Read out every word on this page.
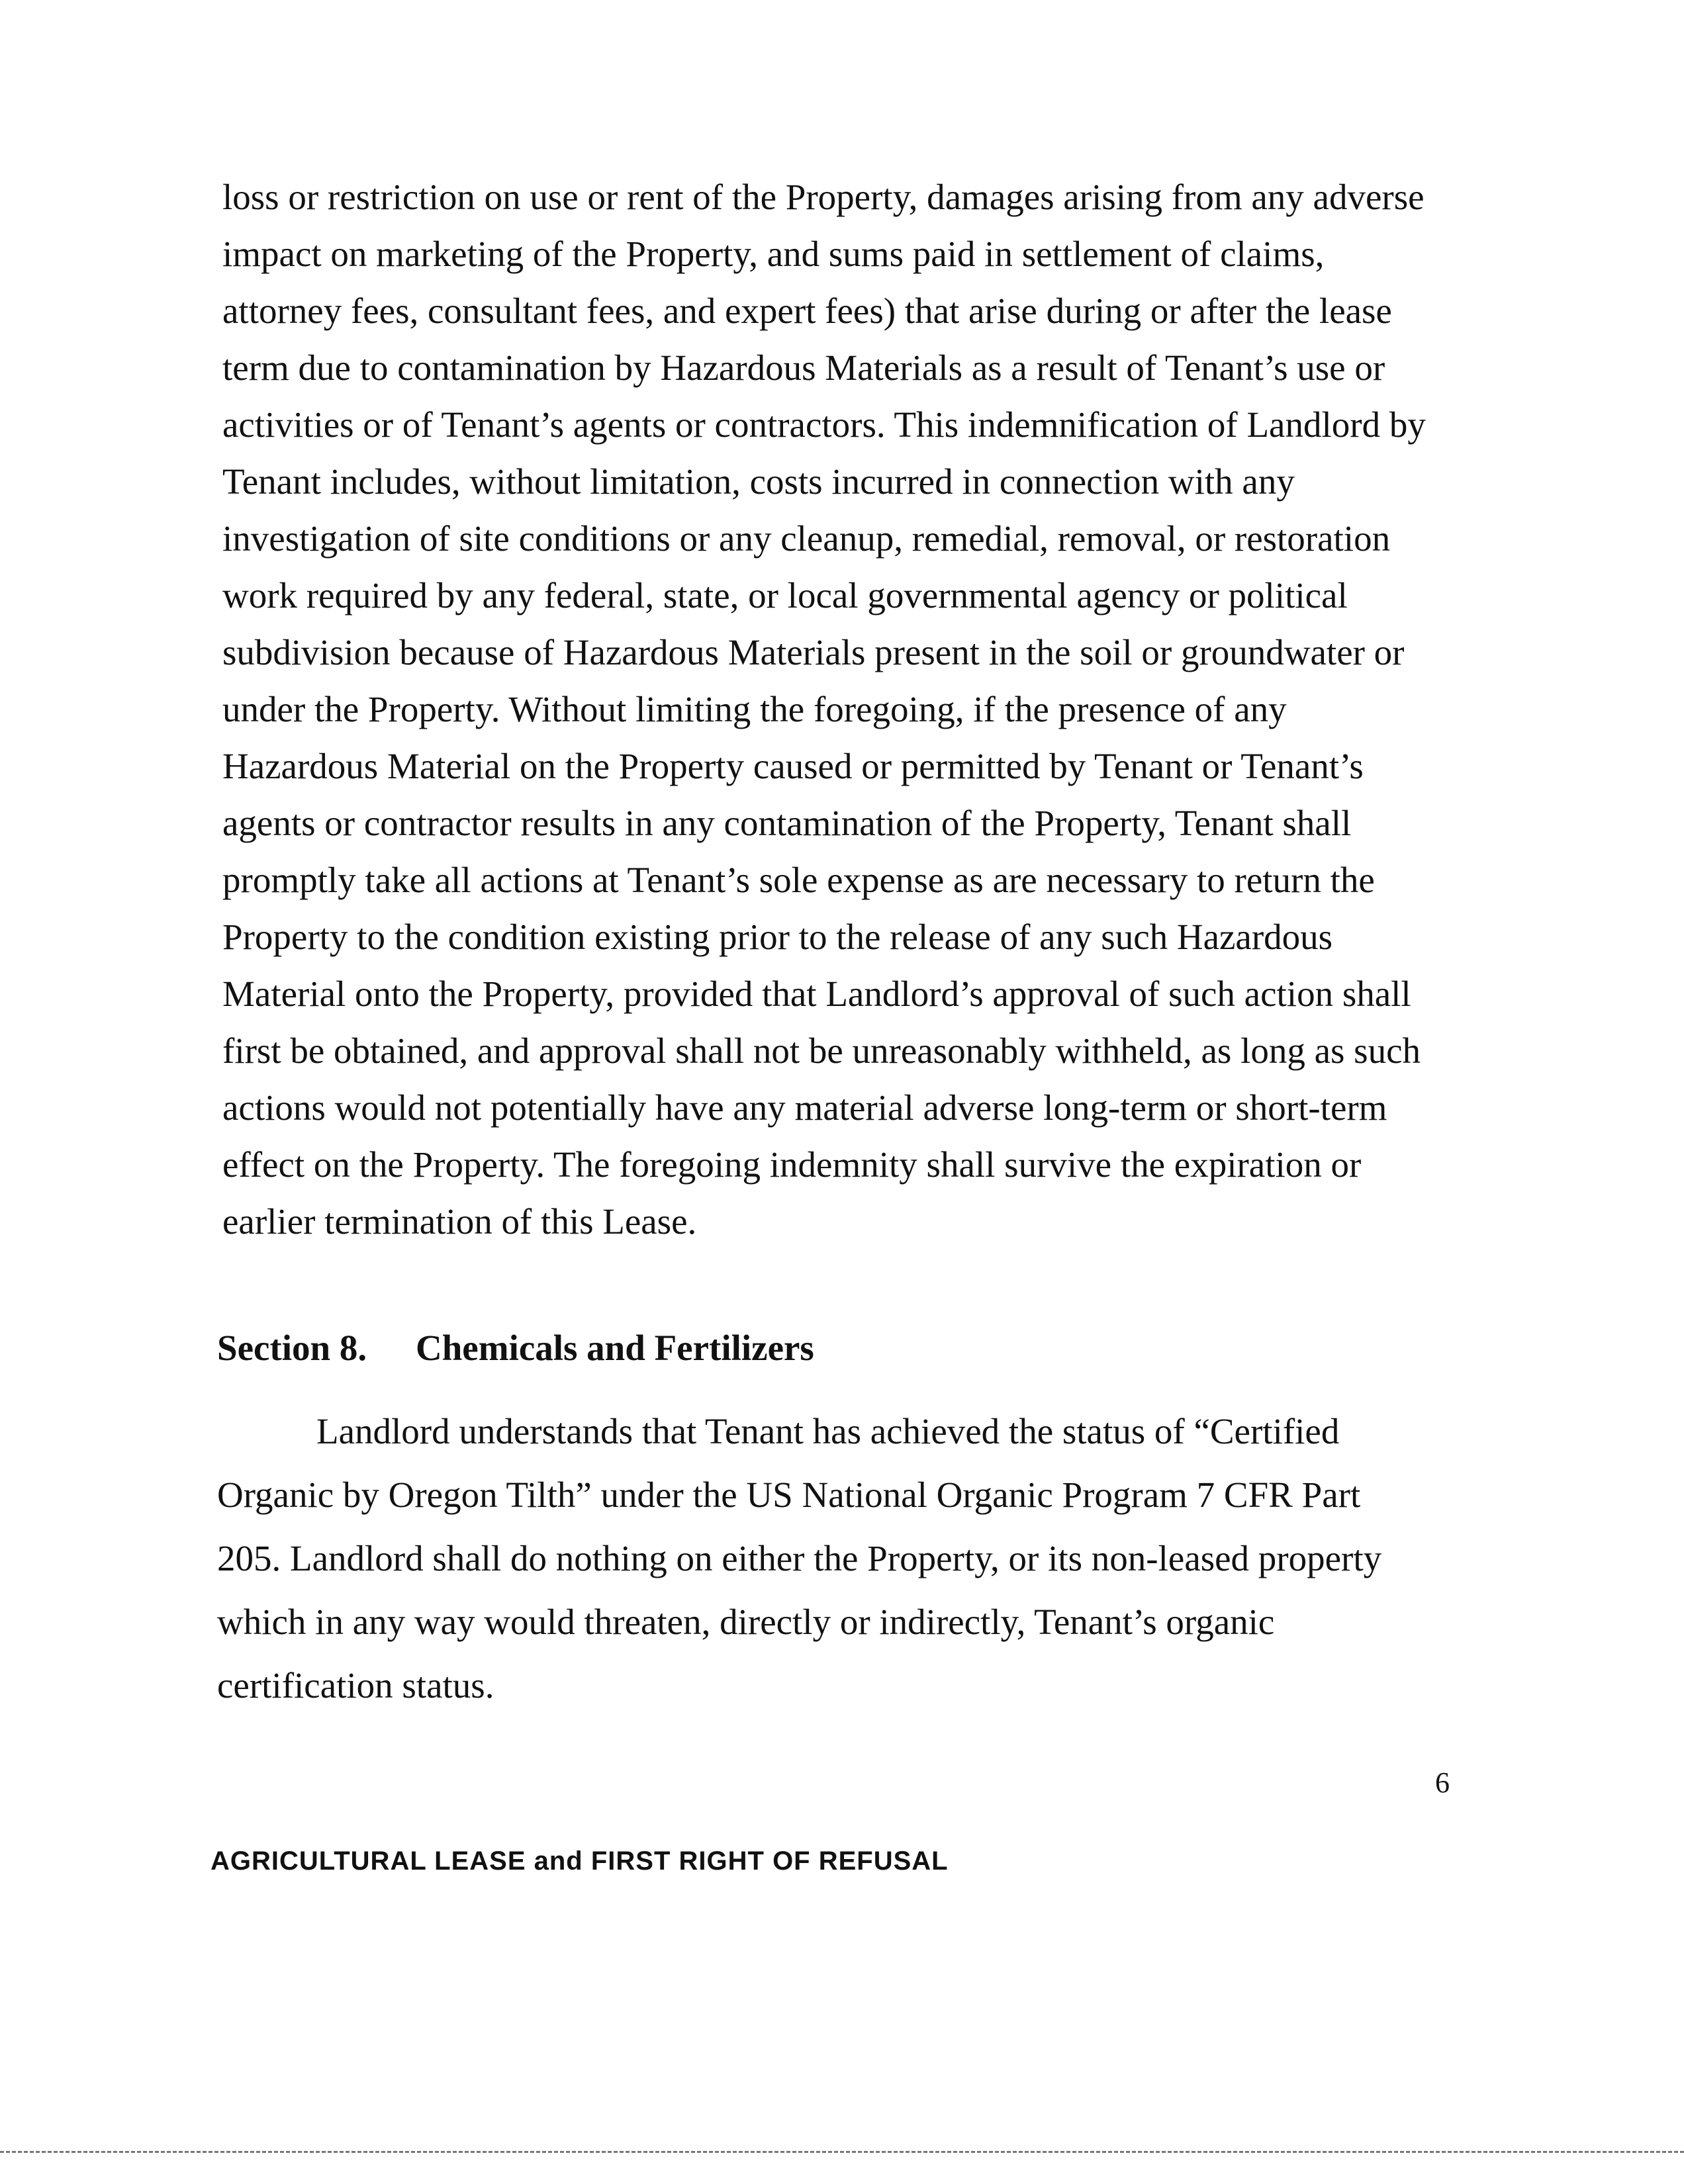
loss or restriction on use or rent of the Property, damages arising from any adverse
impact on marketing of the Property, and sums paid in settlement of claims,
attorney fees, consultant fees, and expert fees) that arise during or after the lease
term due to contamination by Hazardous Materials as a result of Tenant’s use or
activities or of Tenant’s agents or contractors. This indemnification of Landlord by
Tenant includes, without limitation, costs incurred in connection with any
investigation of site conditions or any cleanup, remedial, removal, or restoration
work required by any federal, state, or local governmental agency or political
subdivision because of Hazardous Materials present in the soil or groundwater or
under the Property. Without limiting the foregoing, if the presence of any
Hazardous Material on the Property caused or permitted by Tenant or Tenant’s
agents or contractor results in any contamination of the Property, Tenant shall
promptly take all actions at Tenant’s sole expense as are necessary to return the
Property to the condition existing prior to the release of any such Hazardous
Material onto the Property, provided that Landlord’s approval of such action shall
first be obtained, and approval shall not be unreasonably withheld, as long as such
actions would not potentially have any material adverse long-term or short-term
effect on the Property. The foregoing indemnity shall survive the expiration or
earlier termination of this Lease.

Section 8. Chemicals and Fertilizers

Landlord understands that Tenant has achieved the status of “Certified
Organic by Oregon Tilth” under the US National Organic Program 7 CFR Part
205. Landlord shall do nothing on either the Property, or its non-leased property
which in any way would threaten, directly or indirectly, Tenant’s organic
certification status.

6
AGRICULTURAL LEASE and FIRST RIGHT OF REFUSAL
